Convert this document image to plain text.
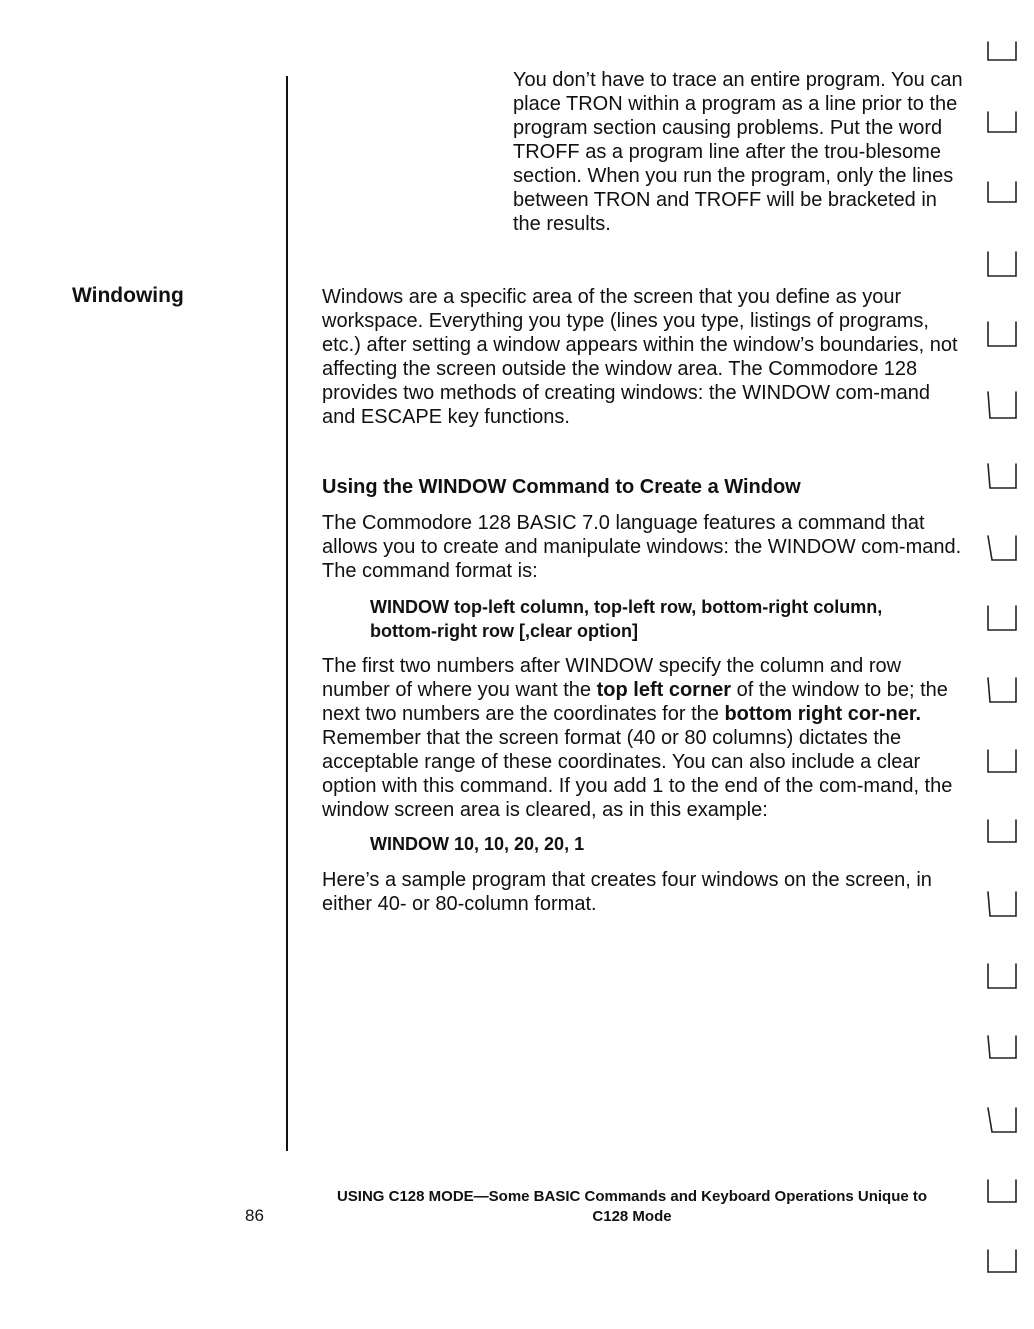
Windowing

You don’t have to trace an entire program. You can place TRON within a program as a line prior to the program section causing problems. Put the word TROFF as a program line after the trou-blesome section. When you run the program, only the lines between TRON and TROFF will be bracketed in the results.

Windows are a specific area of the screen that you define as your workspace. Everything you type (lines you type, listings of programs, etc.) after setting a window appears within the window’s boundaries, not affecting the screen outside the window area. The Commodore 128 provides two methods of creating windows: the WINDOW com-mand and ESCAPE key functions.

Using the WINDOW Command to Create a Window

The Commodore 128 BASIC 7.0 language features a command that allows you to create and manipulate windows: the WINDOW com-mand. The command format is:

WINDOW top-left column, top-left row, bottom-right column, bottom-right row [,clear option]

The first two numbers after WINDOW specify the column and row number of where you want the top left corner of the window to be; the next two numbers are the coordinates for the bottom right cor-ner. Remember that the screen format (40 or 80 columns) dictates the acceptable range of these coordinates. You can also include a clear option with this command. If you add 1 to the end of the com-mand, the window screen area is cleared, as in this example:

WINDOW 10, 10, 20, 20, 1

Here’s a sample program that creates four windows on the screen, in either 40- or 80-column format.

USING C128 MODE—Some BASIC Commands and Keyboard Operations Unique to C128 Mode
86
